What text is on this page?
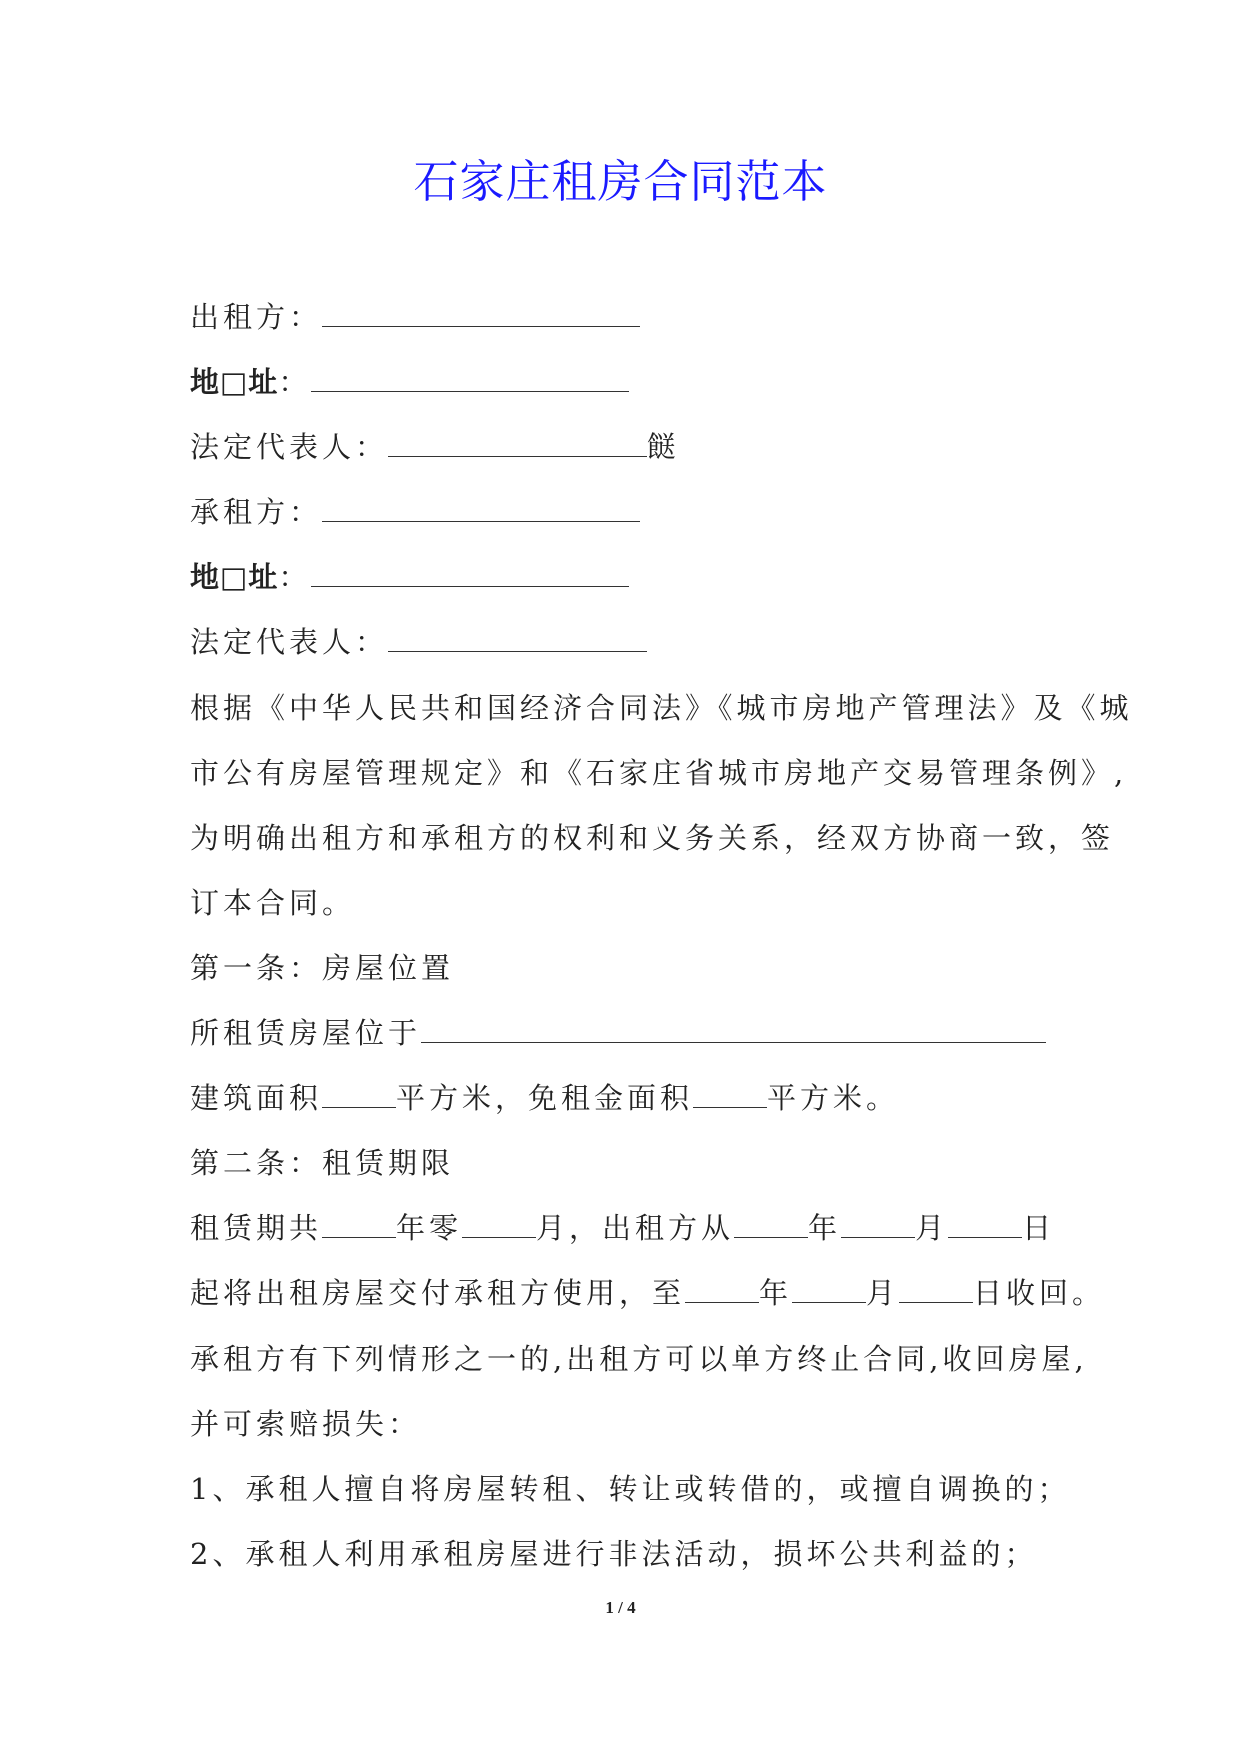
石家庄租房合同范本
出租方：
地□址：
法定代表人：	餸
承租方：
地□址：
法定代表人：
根据《中华人民共和国经济合同法》《城市房地产管理法》及《城
市公有房屋管理规定》和《石家庄省城市房地产交易管理条例》,
为明确出租方和承租方的权利和义务关系，经双方协商一致，签
订本合同。
第一条：房屋位置
所租赁房屋位于
建筑面积	平方米，免租金面积	平方米。
第二条：租赁期限
租赁期共	年零	月，出租方从	年	月	日
起将出租房屋交付承租方使用，至	年	月	日收回。
承租方有下列情形之一的,出租方可以单方终止合同,收回房屋,
并可索赔损失：
1、承租人擅自将房屋转租、转让或转借的，或擅自调换的；
2、承租人利用承租房屋进行非法活动，损坏公共利益的；
1 / 4
